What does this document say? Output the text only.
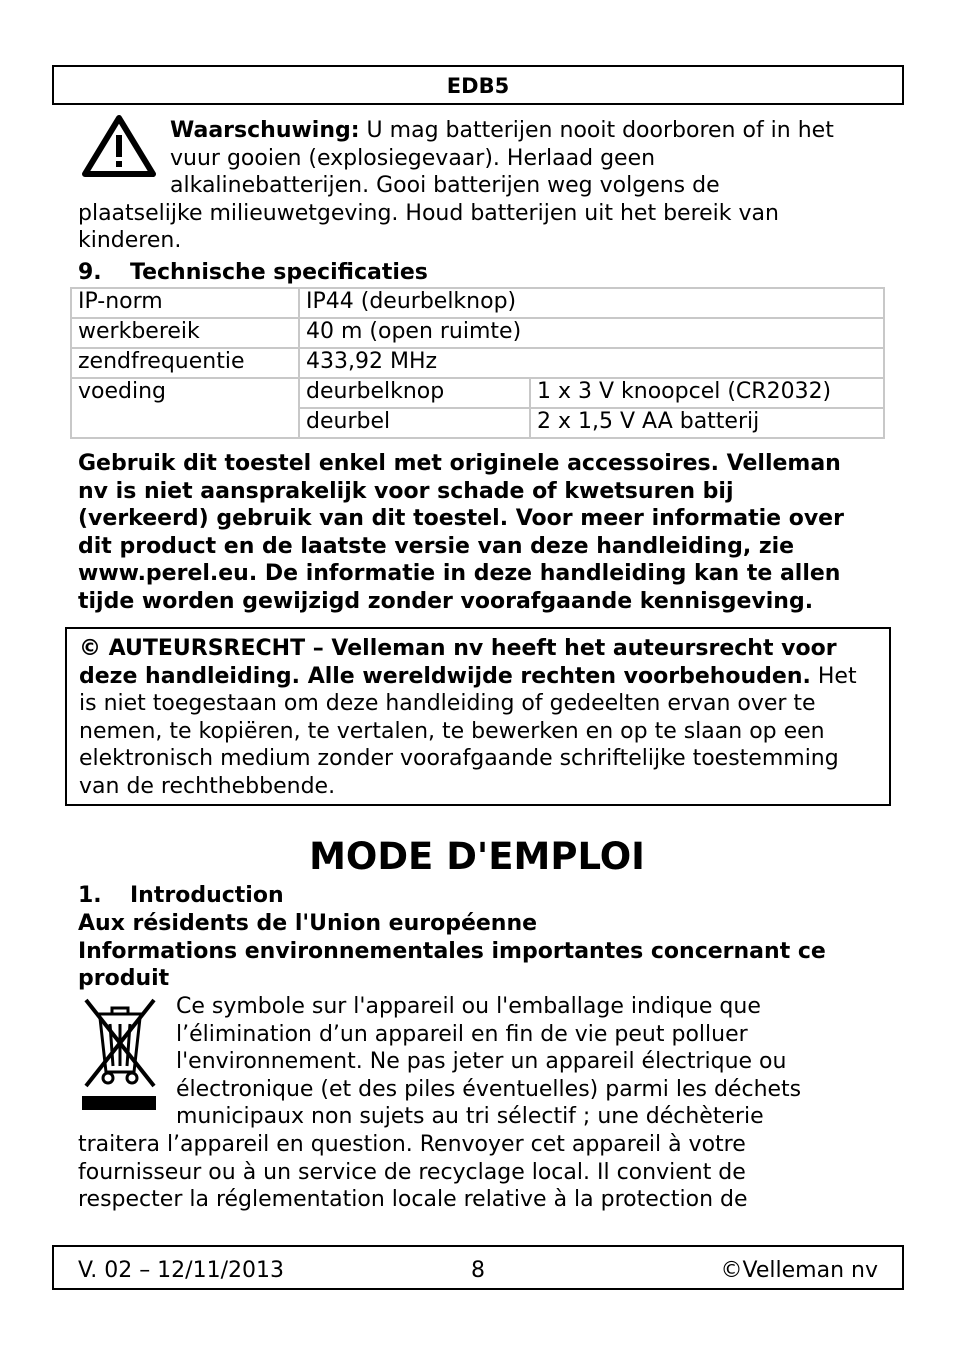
EDB5
Waarschuwing: U mag batterijen nooit doorboren of in het
vuur gooien (explosiegevaar). Herlaad geen
alkalinebatterijen. Gooi batterijen weg volgens de
plaatselijke milieuwetgeving. Houd batterijen uit het bereik van
kinderen.
9. Technische specificaties
IP-norm	IP44 (deurbelknop)	
werkbereik	40 m (open ruimte)	
zendfrequentie	433,92 MHz	
voeding	deurbelknop	1 x 3 V knoopcel (CR2032)
	deurbel	2 x 1,5 V AA batterij
Gebruik dit toestel enkel met originele accessoires. Velleman
nv is niet aansprakelijk voor schade of kwetsuren bij
(verkeerd) gebruik van dit toestel. Voor meer informatie over
dit product en de laatste versie van deze handleiding, zie
www.perel.eu. De informatie in deze handleiding kan te allen
tijde worden gewijzigd zonder voorafgaande kennisgeving.
© AUTEURSRECHT – Velleman nv heeft het auteursrecht voor
deze handleiding. Alle wereldwijde rechten voorbehouden. Het
is niet toegestaan om deze handleiding of gedeelten ervan over te
nemen, te kopiëren, te vertalen, te bewerken en op te slaan op een
elektronisch medium zonder voorafgaande schriftelijke toestemming
van de rechthebbende.
MODE D'EMPLOI
1. Introduction
Aux résidents de l'Union européenne
Informations environnementales importantes concernant ce
produit
Ce symbole sur l'appareil ou l'emballage indique que
l’élimination d’un appareil en fin de vie peut polluer
l'environnement. Ne pas jeter un appareil électrique ou
électronique (et des piles éventuelles) parmi les déchets
municipaux non sujets au tri sélectif ; une déchèterie
traitera l’appareil en question. Renvoyer cet appareil à votre
fournisseur ou à un service de recyclage local. Il convient de
respecter la réglementation locale relative à la protection de
V. 02 – 12/11/2013	8	©Velleman nv
